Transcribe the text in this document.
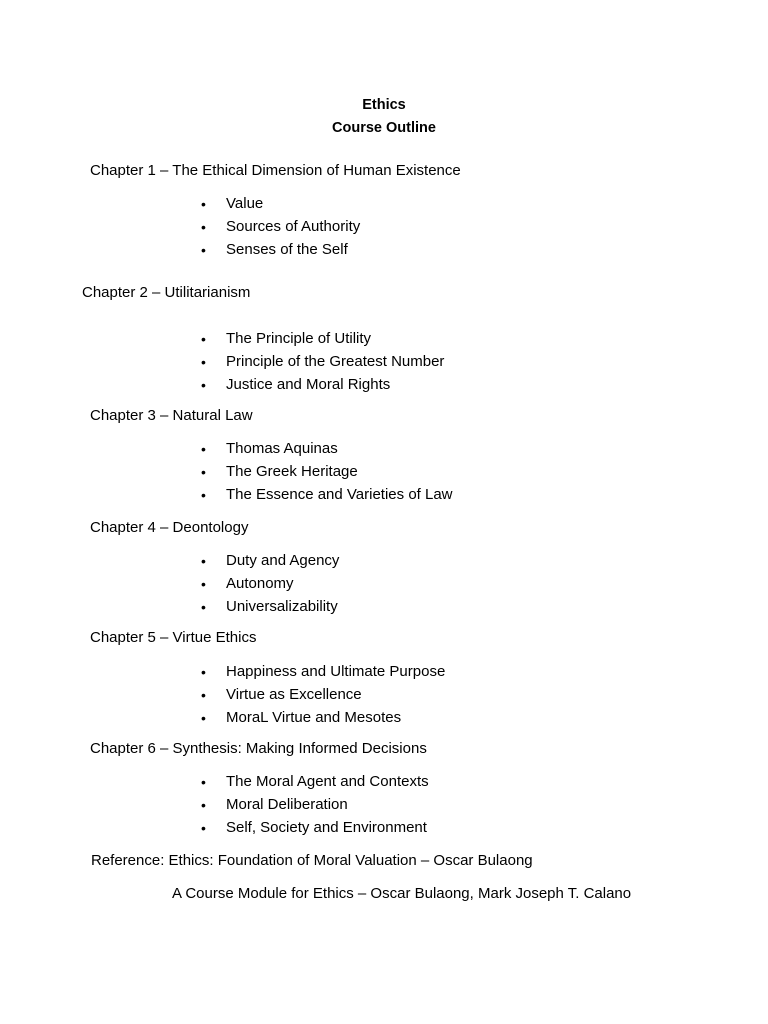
Ethics
Course Outline
Chapter 1 – The Ethical Dimension of Human Existence
•	Value
•	Sources of Authority
•	Senses of the Self
Chapter 2 – Utilitarianism
•	The Principle of Utility
•	Principle of the Greatest Number
•	Justice and Moral Rights
Chapter 3 – Natural Law
•	Thomas Aquinas
•	The Greek Heritage
•	The Essence and Varieties of Law
Chapter 4 – Deontology
•	Duty and Agency
•	Autonomy
•	Universalizability
Chapter 5 – Virtue Ethics
•	Happiness and Ultimate Purpose
•	Virtue as Excellence
•	MoraL Virtue and Mesotes
Chapter 6 – Synthesis: Making Informed Decisions
•	The Moral Agent and Contexts
•	Moral Deliberation
•	Self, Society and Environment
Reference: Ethics: Foundation of Moral Valuation – Oscar Bulaong
A Course Module for Ethics – Oscar Bulaong, Mark Joseph T. Calano
